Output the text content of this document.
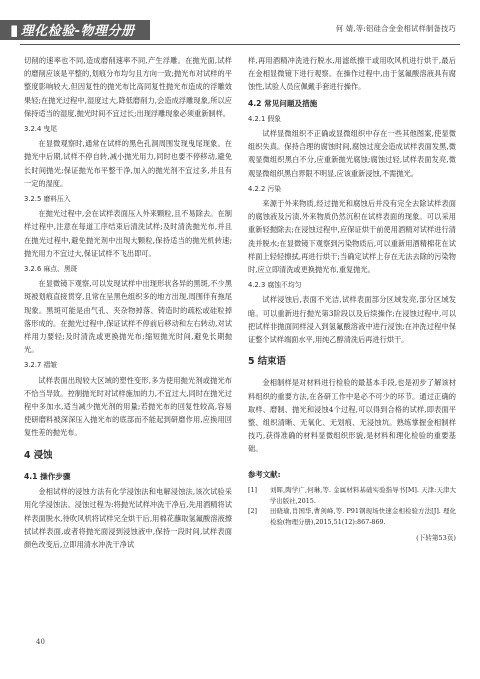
▮ 理化检验-物理分册	何 婧,等:铝硅合金金相试样制备技巧

切削的速率也不同,造成磨削速率不同,产生浮雕。在抛光面,试样的磨削应该是平整的,划痕分布均匀且方向一致;抛光布对试样的平整度影响较大,但因复性的抛光布比高同复性抛光布造成的浮雕效果轻;在抛光过程中,湿度过大,降低磨削力,会造成浮雕现象,所以应保持适当的湿度,抛光时间不宜过长;出现浮雕现象必须重新制样。

3.2.4 曳尾

在显微观察时,通常在试样的黑色孔洞周围发现曳尾现象。在抛光中后期,试样不停自转,减小抛光用力,同时也要不停移动,避免长时间抛光;保证抛光布平整干净,加入的抛光剂不宜过多,并且有一定的湿度。

3.2.5 磨料压入

在抛光过程中,会在试样表面压入外来颗粒,且不易除去。在制样过程中,注意在每道工序结束后清洗试样;及时清洗抛光布,并且在抛光过程中,避免抛光剂中出现大颗粒,保持适当的抛光机转速;抛光用力不宜过大,保证试样不飞出即可。

3.2.6 麻点、黑斑

在显微镜下观察,可以发现试样中出现形状各异的黑斑,不少黑斑被划痕直接贯穿,且常在呈黑色组织多的地方出现,周围伴有拖尾现象。黑斑可能是由气孔、夹杂物掉落、铸造时的疏松或硅粒掉落形成的。在抛光过程中,保证试样不停前后移动和左右转动,对试样用力要轻;及时清洗或更换抛光布;缩短抛光时间,避免长期抛光。

3.2.7 褶皱

试样表面出现较大区域的塑性变形,多为使用抛光剂或抛光布不恰当导致。控制抛光时对试样施加的力,不宜过大,同时在抛光过程中多加水,适当减少抛光剂的用量;若抛光布的回复性较高,容易使研磨料被深深压入抛光布的底部而不能起到研磨作用,应换用回复性差的抛光布。

4 浸蚀
4.1 操作步骤

金相试样的浸蚀方法有化学浸蚀法和电解浸蚀法,该次试验采用化学浸蚀法。浸蚀过程为:将抛光试样冲洗干净后,先用酒精将试样表面脱水,待吹风机将试样完全烘干后,用棉花蘸取氢氟酸溶液擦拭试样表面,或者将抛光面浸到浸蚀液中,保持一段时间,试样表面颜色改变后,立即用清水冲洗干净试

样,再用酒精冲洗进行脱水,用滤纸擦干或用吹风机进行烘干,最后在金相显微镜下进行观察。在操作过程中,由于氢氟酸溶液具有腐蚀性,试验人员应佩戴手套进行操作。

4.2 常见问题及措施
4.2.1 假象

试样显微组织不正确或显微组织中存在一些其他图案,使显微组织失真。保持合理的腐蚀时间,腐蚀过度会造成试样表面发黑,微观显微组织黑白不分,应重新抛光腐蚀;腐蚀过轻,试样表面发亮,微观显微组织黑白界限不明显,应该重新浸蚀,不需抛光。

4.2.2 污染

来源于外来物质,经过抛光和腐蚀后并没有完全去除试样表面的腐蚀液及污渍,外来物质仍然沉积在试样表面的现象。可以采用重新轻抛除去;在浸蚀过程中,应保证烘干前使用酒精对试样进行清洗并脱水;在显微镜下观察到污染物质后,可以重新用酒精棉花在试样面上轻轻擦拭,再进行烘干;当确定试样上存在无法去除的污染物时,应立即清洗或更换抛光布,重复抛光。

4.2.3 腐蚀不均匀

试样浸蚀后,表面不光洁,试样表面部分区域发亮,部分区域发暗。可以重新进行抛光第3阶段以及后续操作;在浸蚀过程中,可以把试样非抛面同样浸入到氢氟酸溶液中进行浸蚀;在冲洗过程中保证整个试样端面水平,用纯乙醇清洗后再进行烘干。

5 结束语

金相制样是对材料进行检验的最基本手段,也是初步了解该材料组织的重要方法,在各研工作中是必不可少的环节。通过正确的取样、磨制、抛光和浸蚀4个过程,可以得到合格的试样,即表面平整、组织清晰、无氧化、无划痕、无浸蚀坑。熟练掌握金相制样技巧,获得准确的材料显微组织形貌,是材料和理化检验的重要基础。

参考文献:
[1]	刘晖,陶学广,何琳,等. 金属材料基础实验指导书[M]. 天津:天津大学出版社,2015.
[2]	田晓瑜,肖国华,曹剑峰,等. P91钢现场快速金相检验方法[J]. 理化检验(物理分册),2015,51(12):867-869.
(下转第53页)
40
